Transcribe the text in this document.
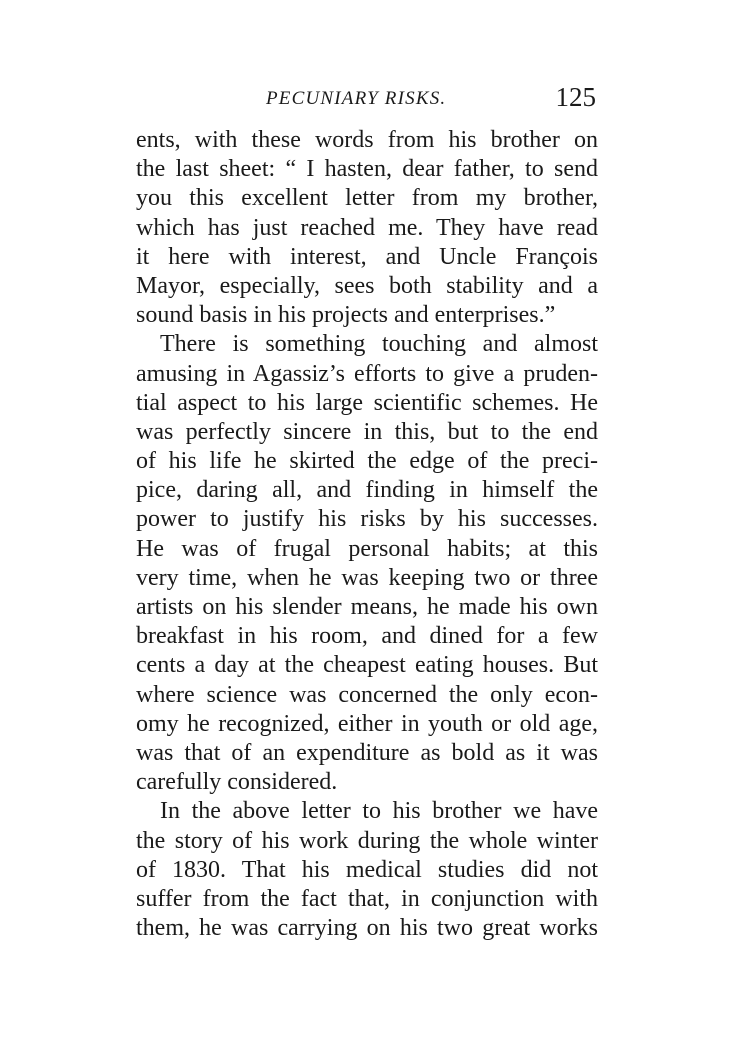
PECUNIARY RISKS.	125
ents, with these words from his brother on
the last sheet: “ I hasten, dear father, to send
you this excellent letter from my brother,
which has just reached me. They have read
it here with interest, and Uncle François
Mayor, especially, sees both stability and a
sound basis in his projects and enterprises.”
There is something touching and almost
amusing in Agassiz’s efforts to give a pruden-
tial aspect to his large scientific schemes. He
was perfectly sincere in this, but to the end
of his life he skirted the edge of the preci-
pice, daring all, and finding in himself the
power to justify his risks by his successes.
He was of frugal personal habits; at this
very time, when he was keeping two or three
artists on his slender means, he made his own
breakfast in his room, and dined for a few
cents a day at the cheapest eating houses. But
where science was concerned the only econ-
omy he recognized, either in youth or old age,
was that of an expenditure as bold as it was
carefully considered.
In the above letter to his brother we have
the story of his work during the whole winter
of 1830. That his medical studies did not
suffer from the fact that, in conjunction with
them, he was carrying on his two great works
